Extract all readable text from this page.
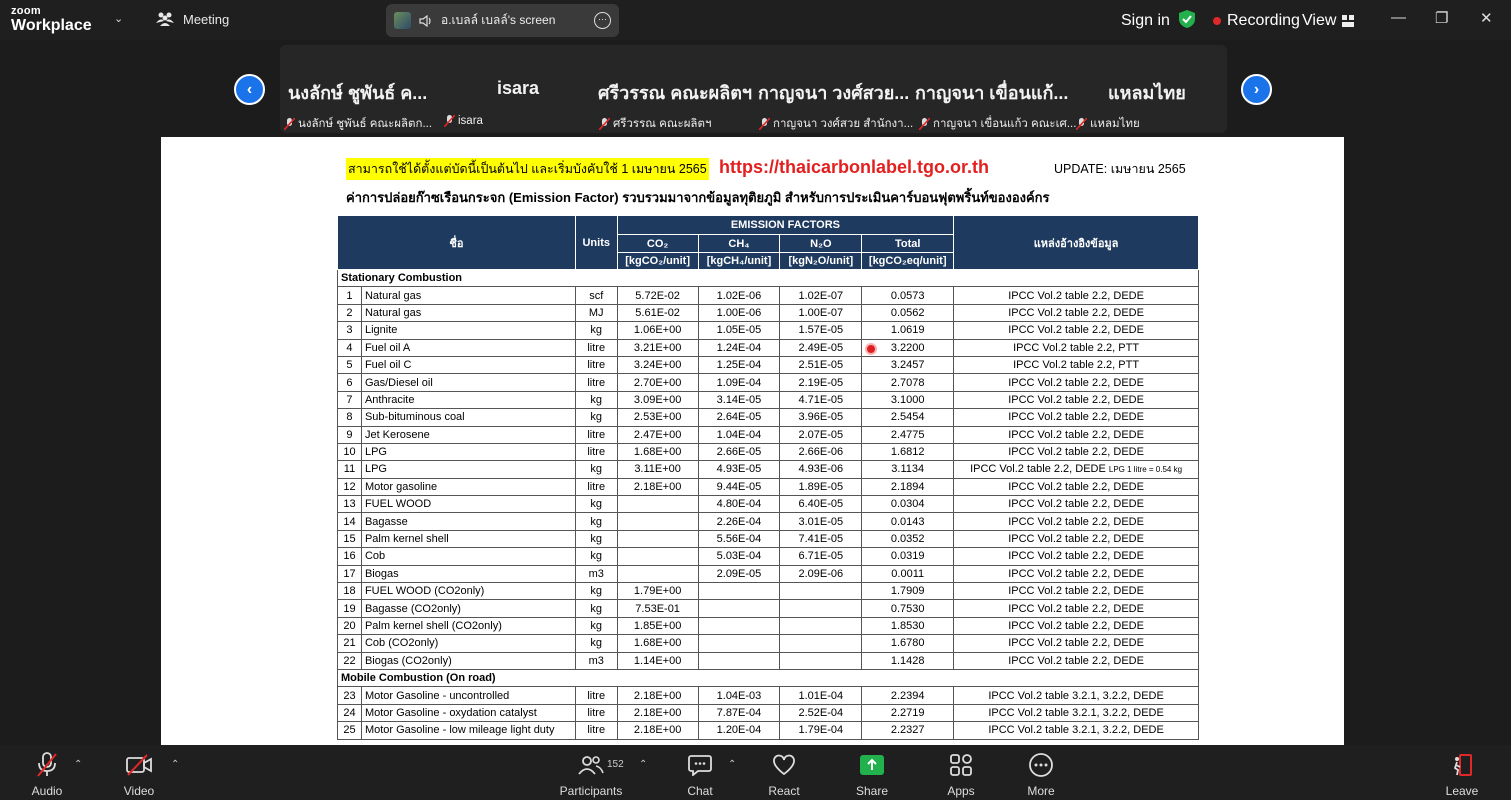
zoom
Workplace ⌄	Meeting	อ.เบลล์ เบลล์'s screen	···	Sign in	Recording View	— ❐ ✕
‹	›
นงลักษ์ ชูพันธ์ ค...
นงลักษ์ ชูพันธ์ คณะผลิตก...
isara
isara
ศรีวรรณ คณะผลิตฯ
ศรีวรรณ คณะผลิตฯ
กาญจนา วงศ์สวย...
กาญจนา วงศ์สวย สำนักงา...
กาญจนา เขื่อนแก้...
กาญจนา เขื่อนแก้ว คณะเศ...
แหลมไทย
แหลมไทย
สามารถใช้ได้ตั้งแต่บัดนี้เป็นต้นไป และเริ่มบังคับใช้ 1 เมษายน 2565 https://thaicarbonlabel.tgo.or.th	UPDATE: เมษายน 2565
ค่าการปล่อยก๊าซเรือนกระจก (Emission Factor) รวบรวมมาจากข้อมูลทุติยภูมิ สำหรับการประเมินคาร์บอนฟุตพริ้นท์ขององค์กร
ชื่อ		Units	EMISSION FACTORS				แหล่งอ้างอิงข้อมูล
			CO₂	CH₄	N₂O	Total	
			[kgCO₂/unit]	[kgCH₄/unit]	[kgN₂O/unit]	[kgCO₂eq/unit]	
Stationary Combustion							
1	Natural gas	scf	5.72E-02	1.02E-06	1.02E-07	0.0573	IPCC Vol.2 table 2.2, DEDE
2	Natural gas	MJ	5.61E-02	1.00E-06	1.00E-07	0.0562	IPCC Vol.2 table 2.2, DEDE
3	Lignite	kg	1.06E+00	1.05E-05	1.57E-05	1.0619	IPCC Vol.2 table 2.2, DEDE
4	Fuel oil A	litre	3.21E+00	1.24E-04	2.49E-05	3.2200	IPCC Vol.2 table 2.2, PTT
5	Fuel oil C	litre	3.24E+00	1.25E-04	2.51E-05	3.2457	IPCC Vol.2 table 2.2, PTT
6	Gas/Diesel oil	litre	2.70E+00	1.09E-04	2.19E-05	2.7078	IPCC Vol.2 table 2.2, DEDE
7	Anthracite	kg	3.09E+00	3.14E-05	4.71E-05	3.1000	IPCC Vol.2 table 2.2, DEDE
8	Sub-bituminous coal	kg	2.53E+00	2.64E-05	3.96E-05	2.5454	IPCC Vol.2 table 2.2, DEDE
9	Jet Kerosene	litre	2.47E+00	1.04E-04	2.07E-05	2.4775	IPCC Vol.2 table 2.2, DEDE
10	LPG	litre	1.68E+00	2.66E-05	2.66E-06	1.6812	IPCC Vol.2 table 2.2, DEDE
11	LPG	kg	3.11E+00	4.93E-05	4.93E-06	3.1134	IPCC Vol.2 table 2.2, DEDE LPG 1 litre = 0.54 kg
12	Motor gasoline	litre	2.18E+00	9.44E-05	1.89E-05	2.1894	IPCC Vol.2 table 2.2, DEDE
13	FUEL WOOD	kg		4.80E-04	6.40E-05	0.0304	IPCC Vol.2 table 2.2, DEDE
14	Bagasse	kg		2.26E-04	3.01E-05	0.0143	IPCC Vol.2 table 2.2, DEDE
15	Palm kernel shell	kg		5.56E-04	7.41E-05	0.0352	IPCC Vol.2 table 2.2, DEDE
16	Cob	kg		5.03E-04	6.71E-05	0.0319	IPCC Vol.2 table 2.2, DEDE
17	Biogas	m3		2.09E-05	2.09E-06	0.0011	IPCC Vol.2 table 2.2, DEDE
18	FUEL WOOD (CO2only)	kg	1.79E+00			1.7909	IPCC Vol.2 table 2.2, DEDE
19	Bagasse (CO2only)	kg	7.53E-01			0.7530	IPCC Vol.2 table 2.2, DEDE
20	Palm kernel shell (CO2only)	kg	1.85E+00			1.8530	IPCC Vol.2 table 2.2, DEDE
21	Cob (CO2only)	kg	1.68E+00			1.6780	IPCC Vol.2 table 2.2, DEDE
22	Biogas (CO2only)	m3	1.14E+00			1.1428	IPCC Vol.2 table 2.2, DEDE
Mobile Combustion (On road)							
23	Motor Gasoline - uncontrolled	litre	2.18E+00	1.04E-03	1.01E-04	2.2394	IPCC Vol.2 table 3.2.1, 3.2.2, DEDE
24	Motor Gasoline - oxydation catalyst	litre	2.18E+00	7.87E-04	2.52E-04	2.2719	IPCC Vol.2 table 3.2.1, 3.2.2, DEDE
25	Motor Gasoline - low mileage light duty	litre	2.18E+00	1.20E-04	1.79E-04	2.2327	IPCC Vol.2 table 3.2.1, 3.2.2, DEDE
Audio
⌃
Video
⌃
Participants
152 ⌃
Chat
⌃
React	Share	Apps	More	Leave
